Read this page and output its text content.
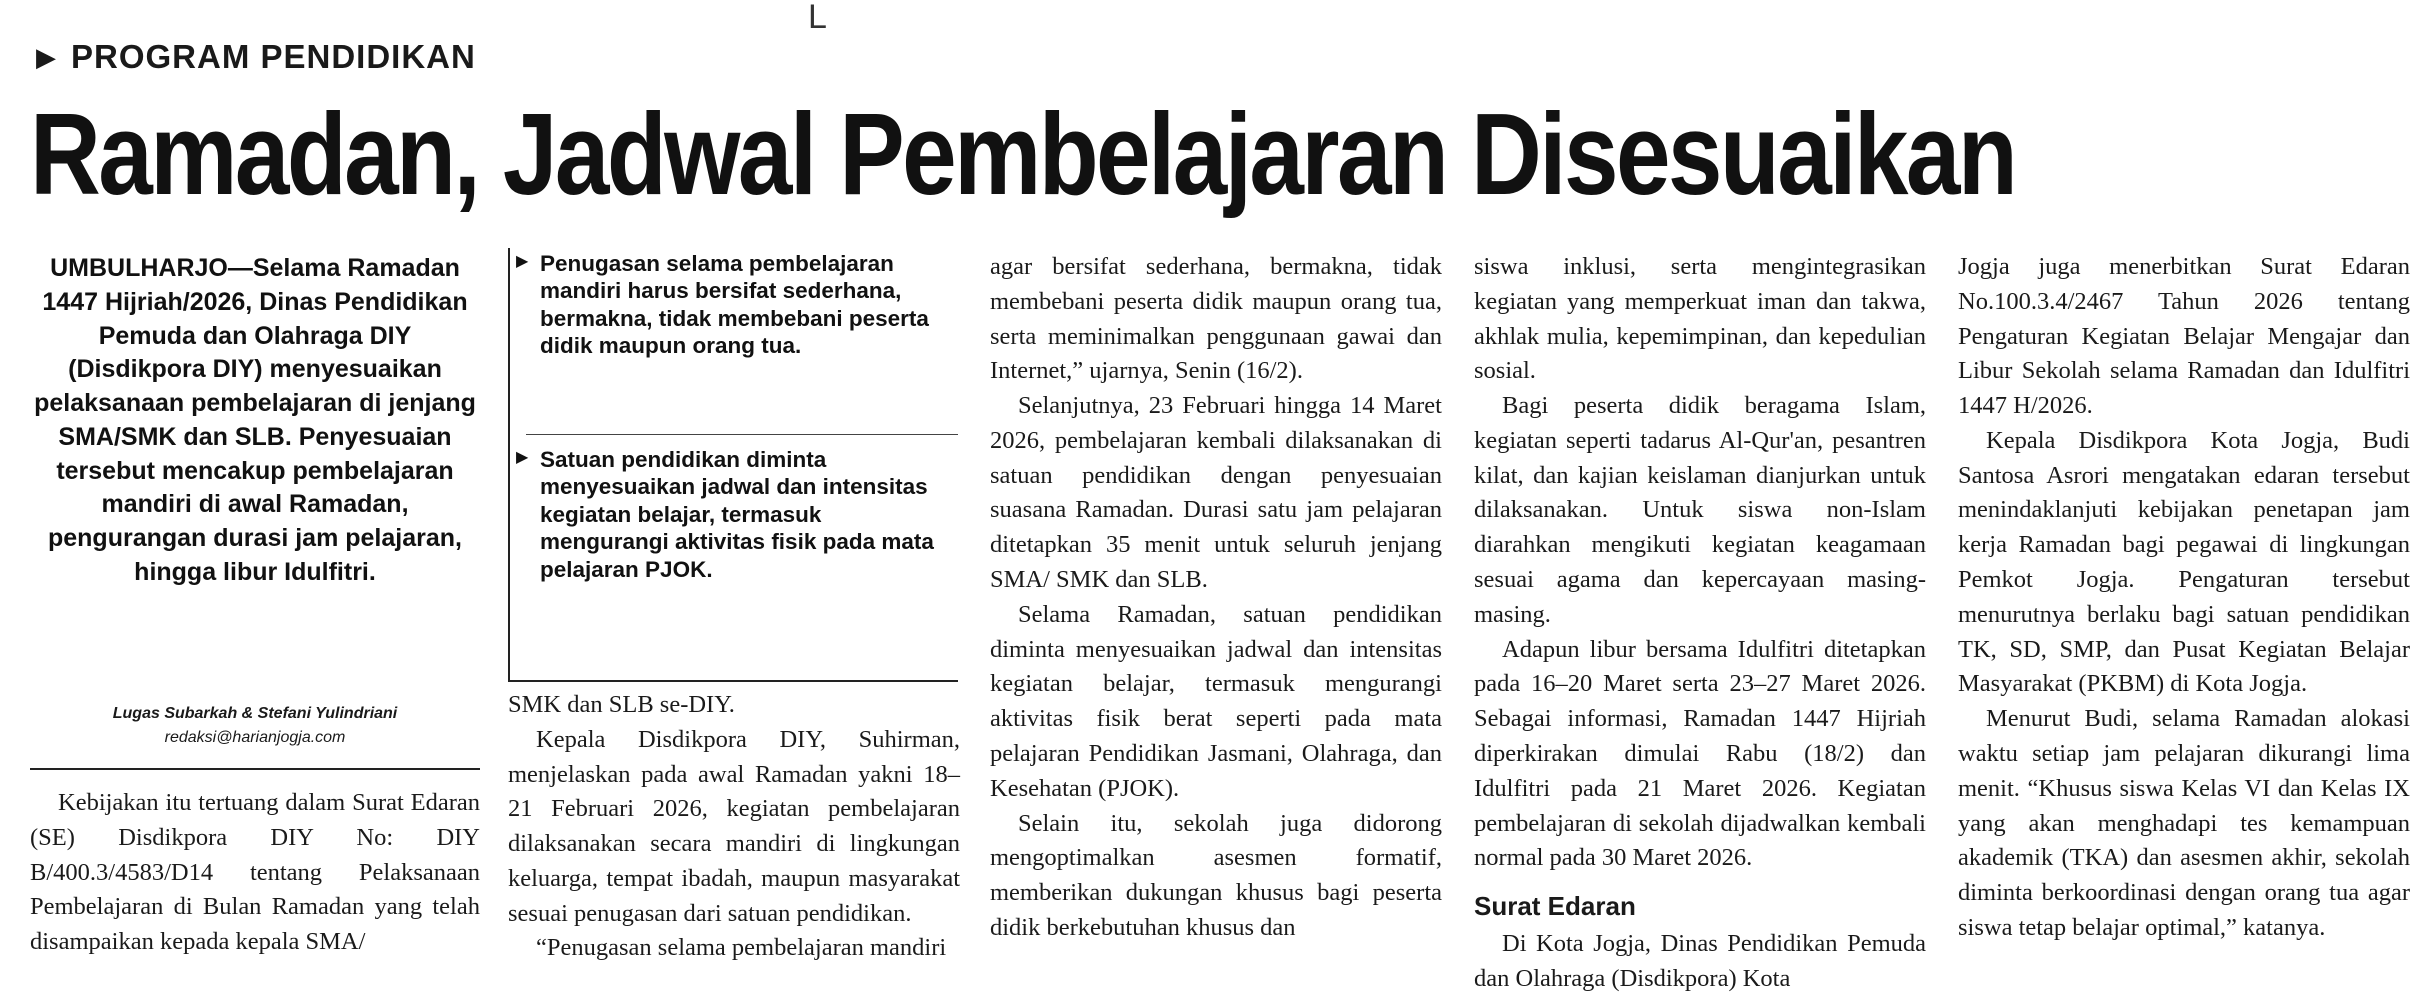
▶ PROGRAM PENDIDIKAN
Ramadan, Jadwal Pembelajaran Disesuaikan
L
UMBULHARJO—Selama Ramadan 1447 Hijriah/2026, Dinas Pendidikan Pemuda dan Olahraga DIY (Disdikpora DIY) menyesuaikan pelaksanaan pembelajaran di jenjang SMA/SMK dan SLB. Penyesuaian tersebut mencakup pembelajaran mandiri di awal Ramadan, pengurangan durasi jam pelajaran, hingga libur Idulfitri.
Lugas Subarkah & Stefani Yulindriani
redaksi@harianjogja.com

Kebijakan itu tertuang dalam Surat Edaran (SE) Disdikpora DIY No: DIY B/400.3/4583/D14 tentang Pelaksanaan Pembelajaran di Bulan Ramadan yang telah disampaikan kepada kepala SMA/

▶ Penugasan selama pembelajaran mandiri harus bersifat sederhana, bermakna, tidak membebani peserta didik maupun orang tua.
▶ Satuan pendidikan diminta menyesuaikan jadwal dan intensitas kegiatan belajar, termasuk mengurangi aktivitas fisik pada mata pelajaran PJOK.

SMK dan SLB se-DIY.

Kepala Disdikpora DIY, Suhirman, menjelaskan pada awal Ramadan yakni 18–21 Februari 2026, kegiatan pembelajaran dilaksanakan secara mandiri di lingkungan keluarga, tempat ibadah, maupun masyarakat sesuai penugasan dari satuan pendidikan.

“Penugasan selama pembelajaran mandiri

agar bersifat sederhana, bermakna, tidak membebani peserta didik maupun orang tua, serta meminimalkan penggunaan gawai dan Internet,” ujarnya, Senin (16/2).

Selanjutnya, 23 Februari hingga 14 Maret 2026, pembelajaran kembali dilaksanakan di satuan pendidikan dengan penyesuaian suasana Ramadan. Durasi satu jam pelajaran ditetapkan 35 menit untuk seluruh jenjang SMA/ SMK dan SLB.

Selama Ramadan, satuan pendidikan diminta menyesuaikan jadwal dan intensitas kegiatan belajar, termasuk mengurangi aktivitas fisik berat seperti pada mata pelajaran Pendidikan Jasmani, Olahraga, dan Kesehatan (PJOK).

Selain itu, sekolah juga didorong mengoptimalkan asesmen formatif, memberikan dukungan khusus bagi peserta didik berkebutuhan khusus dan

siswa inklusi, serta mengintegrasikan kegiatan yang memperkuat iman dan takwa, akhlak mulia, kepemimpinan, dan kepedulian sosial.

Bagi peserta didik beragama Islam, kegiatan seperti tadarus Al-Qur'an, pesantren kilat, dan kajian keislaman dianjurkan untuk dilaksanakan. Untuk siswa non-Islam diarahkan mengikuti kegiatan keagamaan sesuai agama dan kepercayaan masing-masing.

Adapun libur bersama Idulfitri ditetapkan pada 16–20 Maret serta 23–27 Maret 2026. Sebagai informasi, Ramadan 1447 Hijriah diperkirakan dimulai Rabu (18/2) dan Idulfitri pada 21 Maret 2026. Kegiatan pembelajaran di sekolah dijadwalkan kembali normal pada 30 Maret 2026.

Surat Edaran

Di Kota Jogja, Dinas Pendidikan Pemuda dan Olahraga (Disdikpora) Kota

Jogja juga menerbitkan Surat Edaran No.100.3.4/2467 Tahun 2026 tentang Pengaturan Kegiatan Belajar Mengajar dan Libur Sekolah selama Ramadan dan Idulfitri 1447 H/2026.

Kepala Disdikpora Kota Jogja, Budi Santosa Asrori mengatakan edaran tersebut menindaklanjuti kebijakan penetapan jam kerja Ramadan bagi pegawai di lingkungan Pemkot Jogja. Pengaturan tersebut menurutnya berlaku bagi satuan pendidikan TK, SD, SMP, dan Pusat Kegiatan Belajar Masyarakat (PKBM) di Kota Jogja.

Menurut Budi, selama Ramadan alokasi waktu setiap jam pelajaran dikurangi lima menit. “Khusus siswa Kelas VI dan Kelas IX yang akan menghadapi tes kemampuan akademik (TKA) dan asesmen akhir, sekolah diminta berkoordinasi dengan orang tua agar siswa tetap belajar optimal,” katanya.
